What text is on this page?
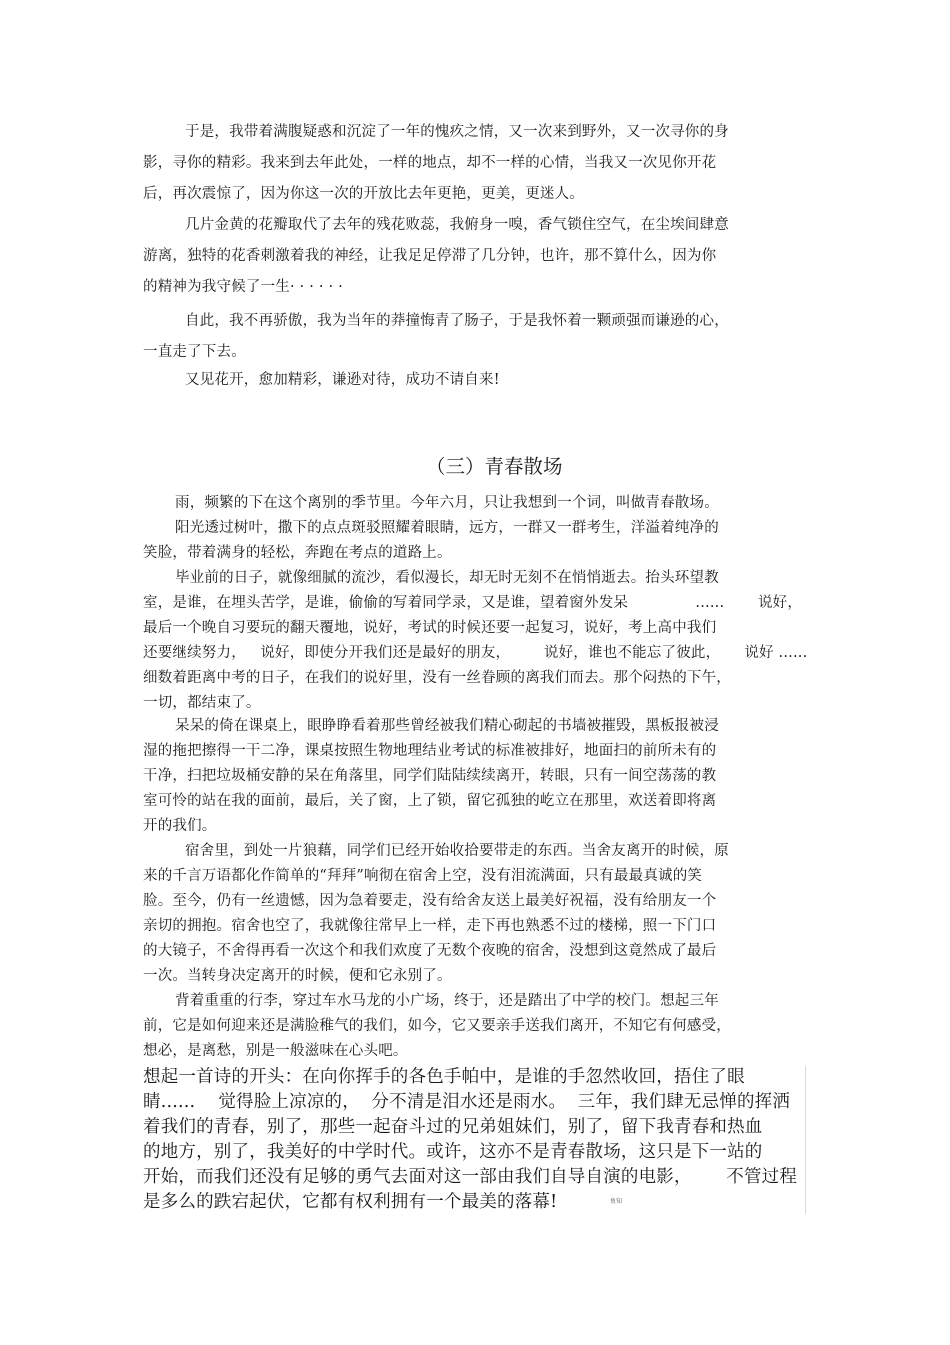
于是，我带着满腹疑惑和沉淀了一年的愧疚之情，又一次来到野外，又一次寻你的身

影，寻你的精彩。我来到去年此处，一样的地点，却不一样的心情，当我又一次见你开花

后，再次震惊了，因为你这一次的开放比去年更艳，更美，更迷人。

几片金黄的花瓣取代了去年的残花败蕊，我俯身一嗅，香气锁住空气，在尘埃间肆意

游离，独特的花香刺激着我的神经，让我足足停滞了几分钟，也许，那不算什么，因为你

的精神为我守候了一生· · · · · ·

自此，我不再骄傲，我为当年的莽撞悔青了肠子，于是我怀着一颗顽强而谦逊的心，

一直走了下去。

又见花开，愈加精彩，谦逊对待，成功不请自来!

（三）青春散场

雨，频繁的下在这个离别的季节里。今年六月，只让我想到一个词，叫做青春散场。

阳光透过树叶，撒下的点点斑驳照耀着眼睛，远方，一群又一群考生，洋溢着纯净的

笑脸，带着满身的轻松，奔跑在考点的道路上。

毕业前的日子，就像细腻的流沙，看似漫长，却无时无刻不在悄悄逝去。抬头环望教

室，是谁，在埋头苦学，是谁，偷偷的写着同学录，又是谁，望着窗外发呆              ......       说好，

最后一个晚自习要玩的翻天覆地，说好，考试的时候还要一起复习，说好，考上高中我们

还要继续努力，   说好，即使分开我们还是最好的朋友，       说好，谁也不能忘了彼此，     说好 ......

细数着距离中考的日子，在我们的说好里，没有一丝眷顾的离我们而去。那个闷热的下午，

一切，都结束了。

呆呆的倚在课桌上，眼睁睁看着那些曾经被我们精心砌起的书墙被摧毁，黑板报被浸

湿的拖把擦得一干二净，课桌按照生物地理结业考试的标准被排好，地面扫的前所未有的

干净，扫把垃圾桶安静的呆在角落里，同学们陆陆续续离开，转眼，只有一间空荡荡的教

室可怜的站在我的面前，最后，关了窗，上了锁，留它孤独的屹立在那里，欢送着即将离

开的我们。

宿舍里，到处一片狼藉，同学们已经开始收拾要带走的东西。当舍友离开的时候，原

来的千言万语都化作简单的“拜拜”响彻在宿舍上空，没有泪流满面，只有最最真诚的笑

脸。至今，仍有一丝遗憾，因为急着要走，没有给舍友送上最美好祝福，没有给朋友一个

亲切的拥抱。宿舍也空了，我就像往常早上一样，走下再也熟悉不过的楼梯，照一下门口

的大镜子，不舍得再看一次这个和我们欢度了无数个夜晚的宿舍，没想到这竟然成了最后

一次。当转身决定离开的时候，便和它永别了。

背着重重的行李，穿过车水马龙的小广场，终于，还是踏出了中学的校门。想起三年

前，它是如何迎来还是满脸稚气的我们，如今，它又要亲手送我们离开，不知它有何感受，

想必，是离愁，别是一般滋味在心头吧。

想起一首诗的开头：在向你挥手的各色手帕中，是谁的手忽然收回，捂住了眼

睛......    觉得脸上凉凉的，  分不清是泪水还是雨水。  三年，我们肆无忌惮的挥洒

着我们的青春，别了，那些一起奋斗过的兄弟姐妹们，别了，留下我青春和热血

的地方，别了，我美好的中学时代。或许，这亦不是青春散场，这只是下一站的

开始，而我们还没有足够的勇气去面对这一部由我们自导自演的电影，      不管过程

是多么的跌宕起伏，它都有权利拥有一个最美的落幕!	鱼知
